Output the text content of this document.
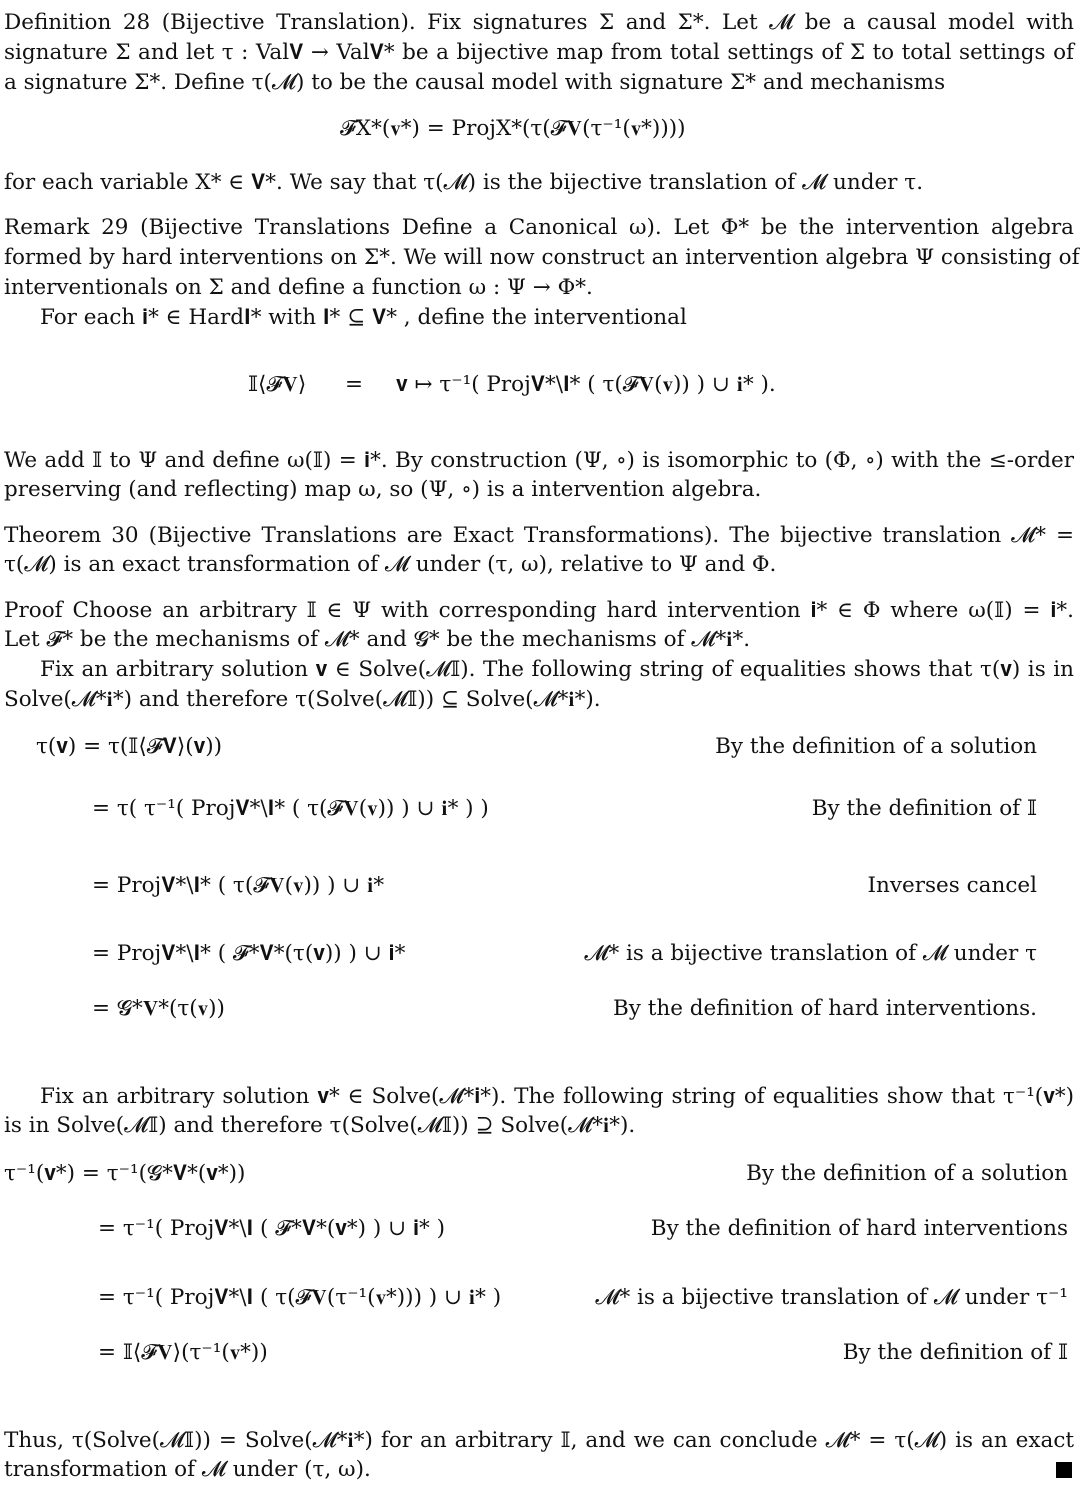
Definition 28 (Bijective Translation). Fix signatures Σ and Σ*. Let 𝓜 be a causal model with
signature Σ and let τ : Val𝐕 → Val𝐕* be a bijective map from total settings of Σ to total settings of
a signature Σ*. Define τ(𝓜) to be the causal model with signature Σ* and mechanisms
𝓕X*(𝐯*) = ProjX*(τ(𝓕𝐕(τ⁻¹(𝐯*))))
for each variable X* ∈ 𝐕*. We say that τ(𝓜) is the bijective translation of 𝓜 under τ.
Remark 29 (Bijective Translations Define a Canonical ω). Let Φ* be the intervention algebra
formed by hard interventions on Σ*. We will now construct an intervention algebra Ψ consisting of
interventionals on Σ and define a function ω : Ψ → Φ*.
For each 𝐢* ∈ Hard𝐈* with 𝐈* ⊆ 𝐕* , define the interventional
𝕀⟨𝓕𝐕⟩ = 𝐯 ↦ τ⁻¹( Proj𝐕*\𝐈* ( τ(𝓕𝐕(𝐯)) ) ∪ 𝐢* ).
We add 𝕀 to Ψ and define ω(𝕀) = 𝐢*. By construction (Ψ, ∘) is isomorphic to (Φ, ∘) with the ≤-order
preserving (and reflecting) map ω, so (Ψ, ∘) is a intervention algebra.
Theorem 30 (Bijective Translations are Exact Transformations). The bijective translation 𝓜* =
τ(𝓜) is an exact transformation of 𝓜 under (τ, ω), relative to Ψ and Φ.
Proof Choose an arbitrary 𝕀 ∈ Ψ with corresponding hard intervention 𝐢* ∈ Φ where ω(𝕀) = 𝐢*.
Let 𝓕* be the mechanisms of 𝓜* and 𝓖* be the mechanisms of 𝓜*𝐢*.
Fix an arbitrary solution 𝐯 ∈ Solve(𝓜𝕀). The following string of equalities shows that τ(𝐯) is in
Solve(𝓜*𝐢*) and therefore τ(Solve(𝓜𝕀)) ⊆ Solve(𝓜*𝐢*).
τ(𝐯) = τ(𝕀⟨𝓕𝐕⟩(𝐯))	By the definition of a solution
= τ( τ⁻¹( Proj𝐕*\𝐈* ( τ(𝓕𝐕(𝐯)) ) ∪ 𝐢* ) )	By the definition of 𝕀
= Proj𝐕*\𝐈* ( τ(𝓕𝐕(𝐯)) ) ∪ 𝐢*	Inverses cancel
= Proj𝐕*\𝐈* ( 𝓕*𝐕*(τ(𝐯)) ) ∪ 𝐢*	𝓜* is a bijective translation of 𝓜 under τ
= 𝓖*𝐕*(τ(𝐯))	By the definition of hard interventions.
Fix an arbitrary solution 𝐯* ∈ Solve(𝓜*𝐢*). The following string of equalities show that τ⁻¹(𝐯*)
is in Solve(𝓜𝕀) and therefore τ(Solve(𝓜𝕀)) ⊇ Solve(𝓜*𝐢*).
τ⁻¹(𝐯*) = τ⁻¹(𝓖*𝐕*(𝐯*))	By the definition of a solution
= τ⁻¹( Proj𝐕*\𝐈 ( 𝓕*𝐕*(𝐯*) ) ∪ 𝐢* )	By the definition of hard interventions
= τ⁻¹( Proj𝐕*\𝐈 ( τ(𝓕𝐕(τ⁻¹(𝐯*))) ) ∪ 𝐢* )	𝓜* is a bijective translation of 𝓜 under τ⁻¹
= 𝕀⟨𝓕𝐕⟩(τ⁻¹(𝐯*))	By the definition of 𝕀
Thus, τ(Solve(𝓜𝕀)) = Solve(𝓜*𝐢*) for an arbitrary 𝕀, and we can conclude 𝓜* = τ(𝓜) is an exact
transformation of 𝓜 under (τ, ω).
